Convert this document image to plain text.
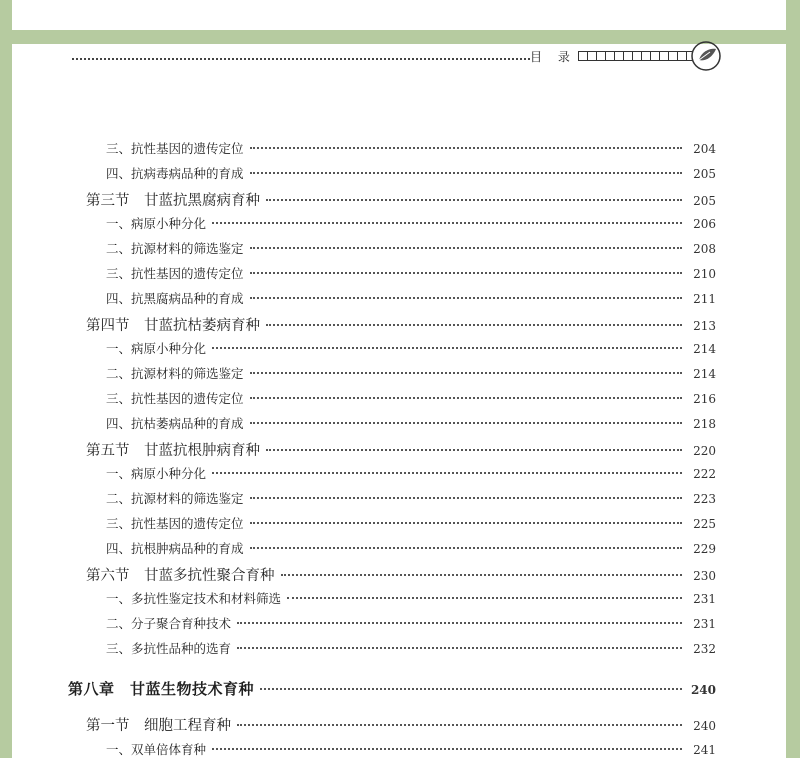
目 录
三、抗性基因的遗传定位	204
四、抗病毒病品种的育成	205
第三节　甘蓝抗黑腐病育种	205
一、病原小种分化	206
二、抗源材料的筛选鉴定	208
三、抗性基因的遗传定位	210
四、抗黑腐病品种的育成	211
第四节　甘蓝抗枯萎病育种	213
一、病原小种分化	214
二、抗源材料的筛选鉴定	214
三、抗性基因的遗传定位	216
四、抗枯萎病品种的育成	218
第五节　甘蓝抗根肿病育种	220
一、病原小种分化	222
二、抗源材料的筛选鉴定	223
三、抗性基因的遗传定位	225
四、抗根肿病品种的育成	229
第六节　甘蓝多抗性聚合育种	230
一、多抗性鉴定技术和材料筛选	231
二、分子聚合育种技术	231
三、多抗性品种的选育	232
第八章　甘蓝生物技术育种	240
第一节　细胞工程育种	240
一、双单倍体育种	241
